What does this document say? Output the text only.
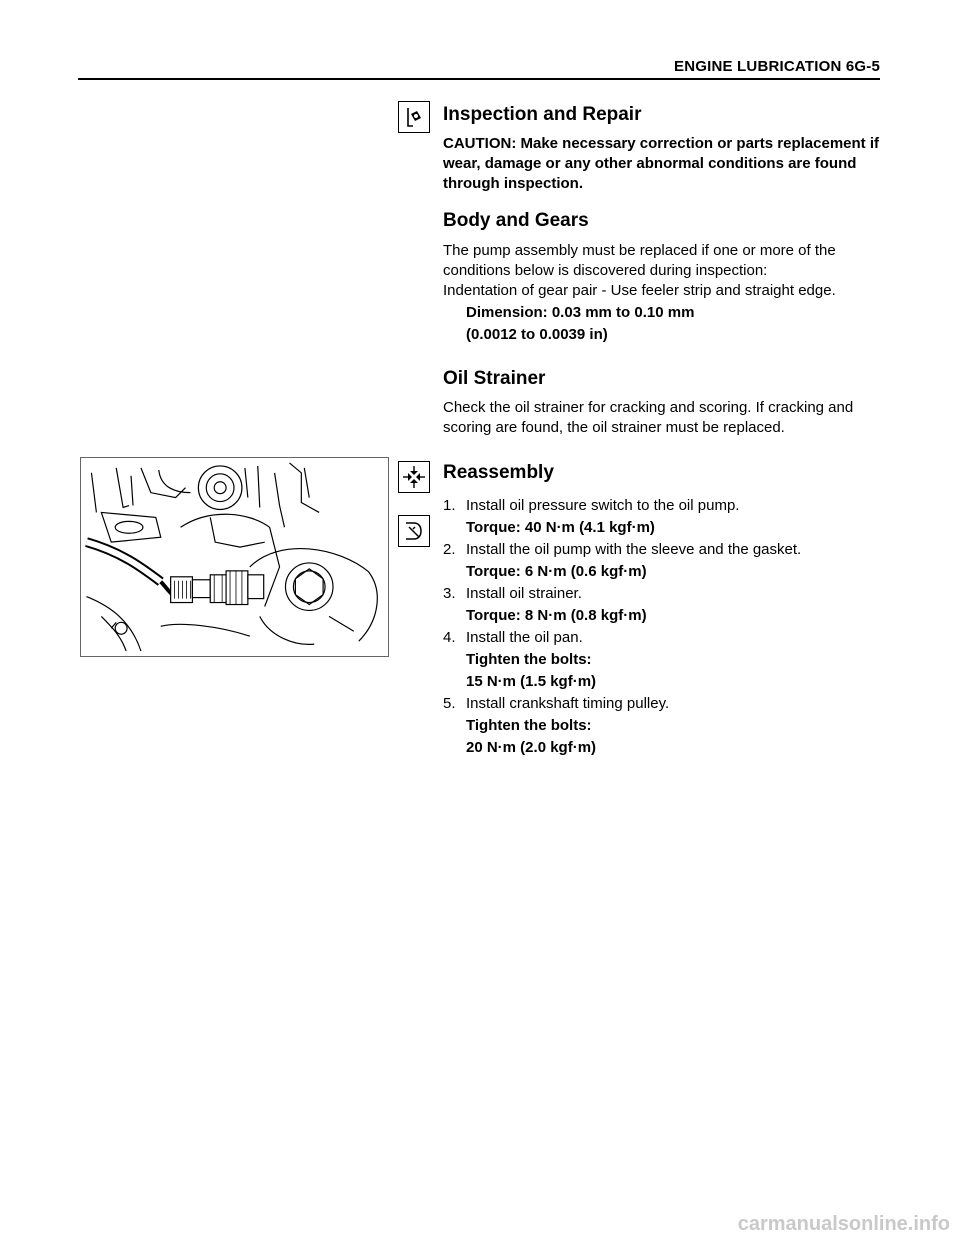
ENGINE LUBRICATION 6G-5
Inspection and Repair

CAUTION: Make necessary correction or parts replacement if wear, damage or any other abnormal conditions are found through inspection.

Body and Gears

The pump assembly must be replaced if one or more of the conditions below is discovered during inspection:

Indentation of gear pair - Use feeler strip and straight edge.

Dimension: 0.03 mm to 0.10 mm
(0.0012 to 0.0039 in)
Oil Strainer

Check the oil strainer for cracking and scoring. If cracking and scoring are found, the oil strainer must be replaced.

Reassembly
1. Install oil pressure switch to the oil pump.
Torque: 40 N·m (4.1 kgf·m)
2. Install the oil pump with the sleeve and the gasket.
Torque: 6 N·m (0.6 kgf·m)
3. Install oil strainer.
Torque: 8 N·m (0.8 kgf·m)
4. Install the oil pan.
Tighten the bolts:
15 N·m (1.5 kgf·m)
5. Install crankshaft timing pulley.
Tighten the bolts:
20 N·m (2.0 kgf·m)
carmanualsonline.info
